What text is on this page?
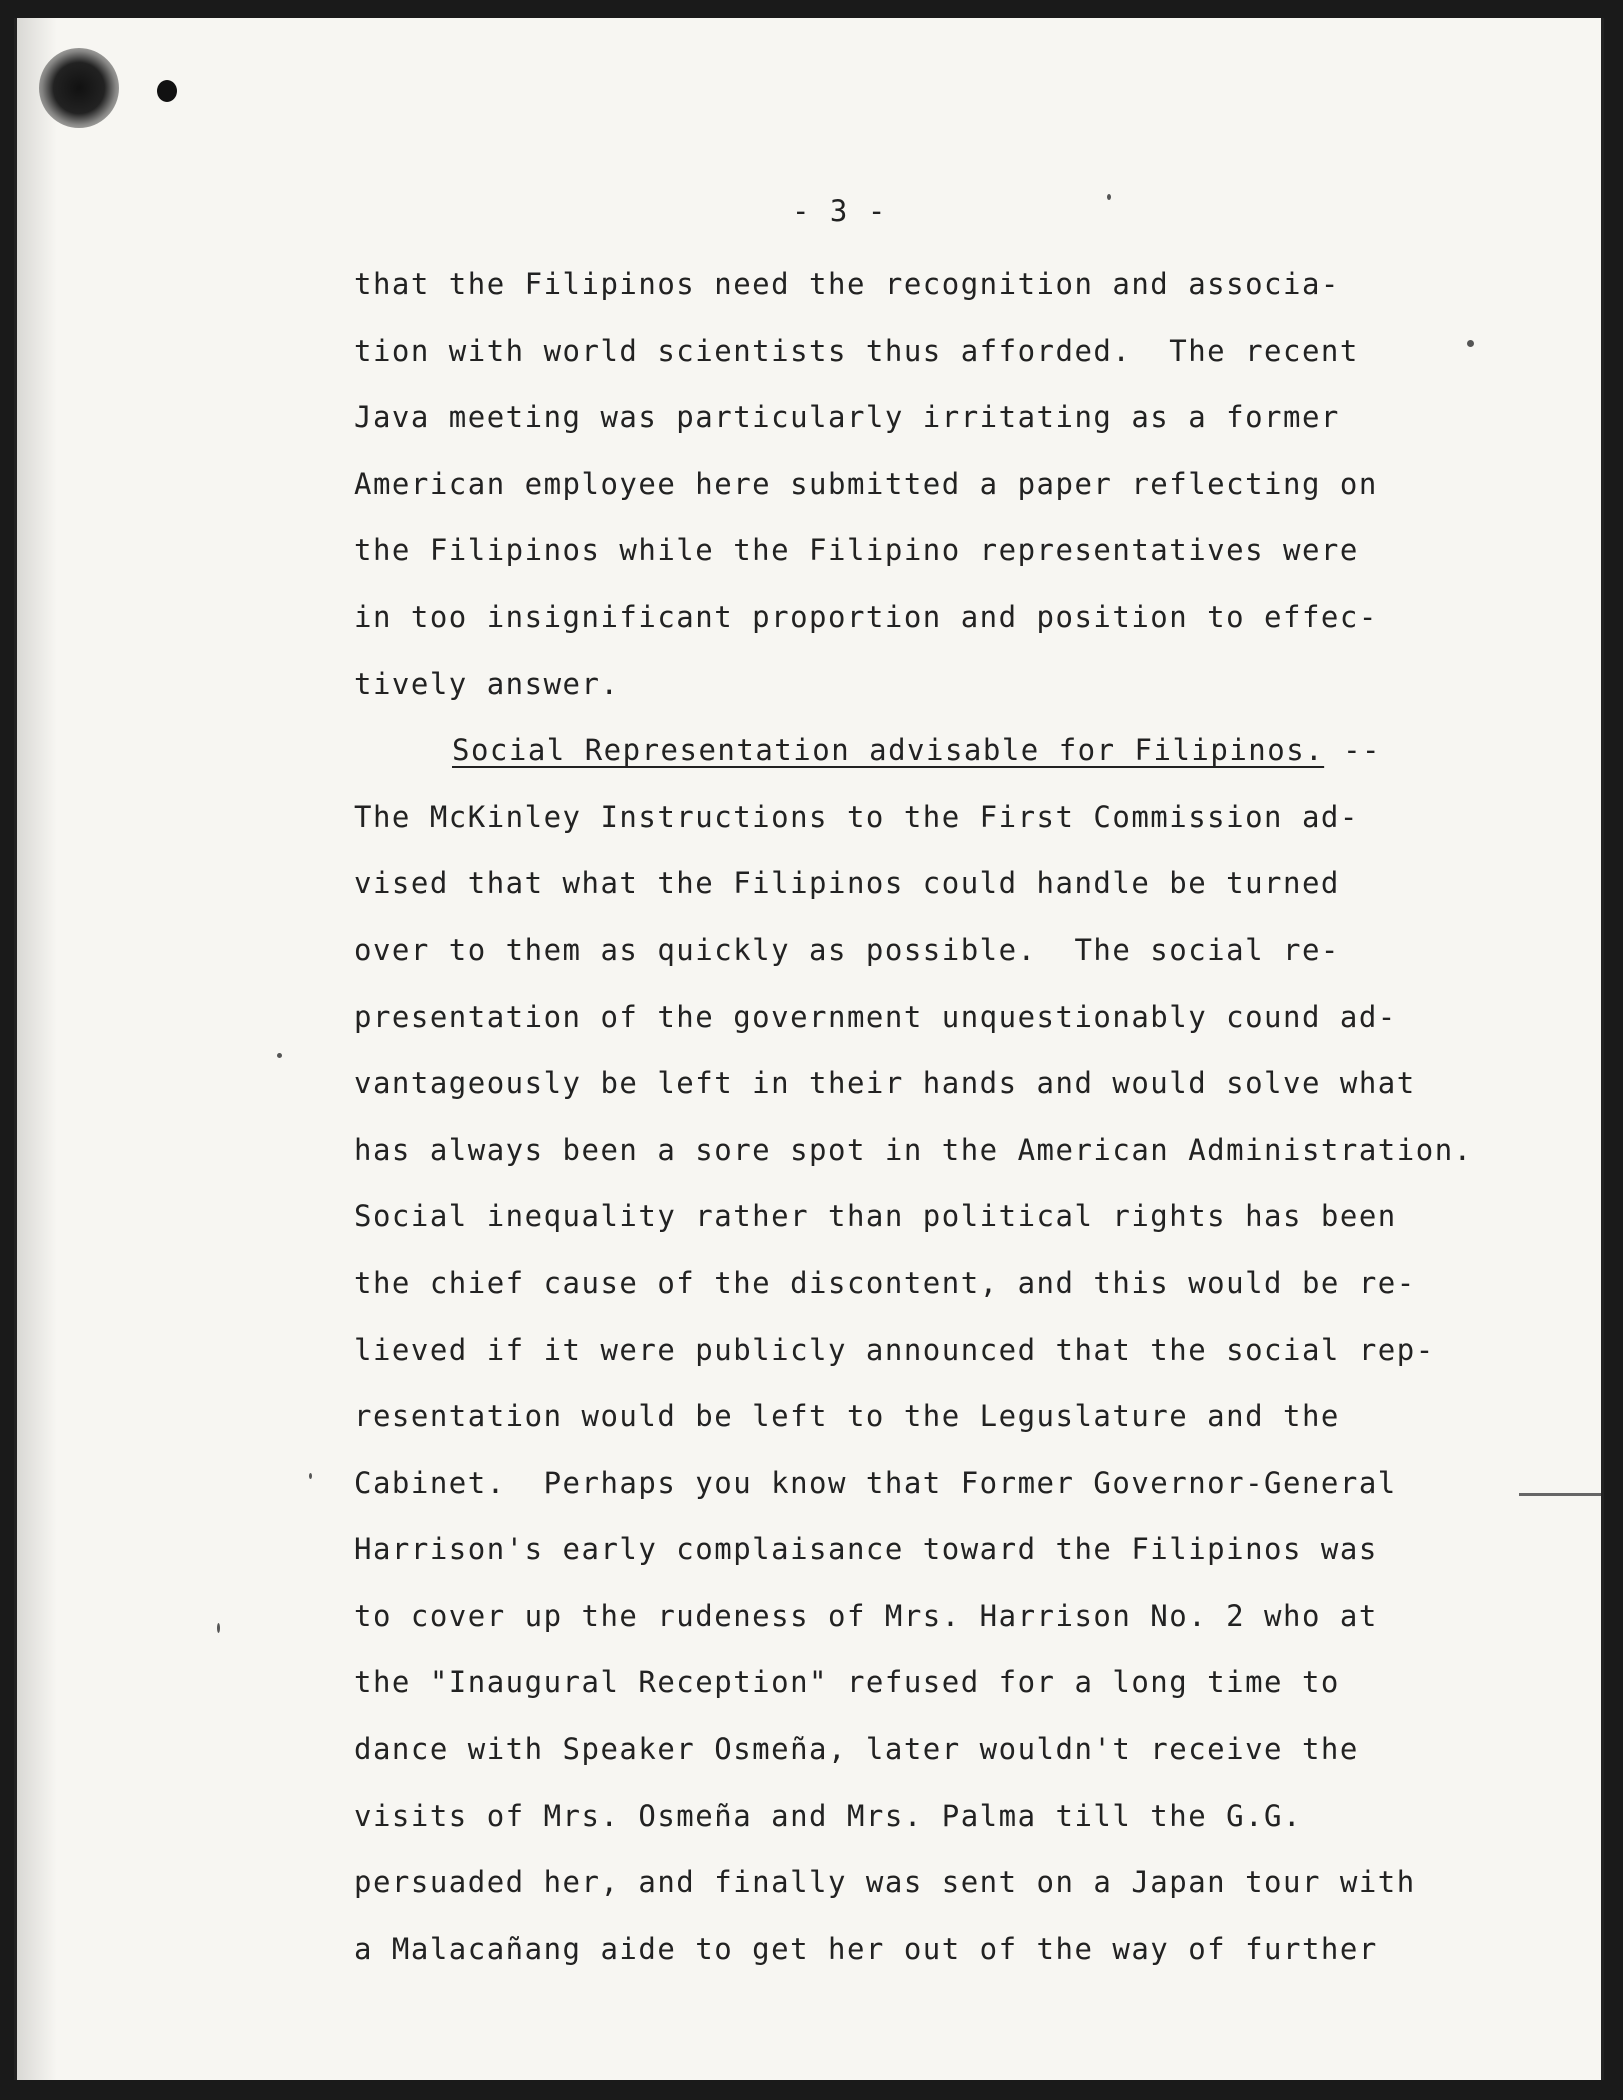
- 3 -
that the Filipinos need the recognition and associa-
tion with world scientists thus afforded.  The recent
Java meeting was particularly irritating as a former
American employee here submitted a paper reflecting on
the Filipinos while the Filipino representatives were
in too insignificant proportion and position to effec-
tively answer.
Social Representation advisable for Filipinos. --
The McKinley Instructions to the First Commission ad-
vised that what the Filipinos could handle be turned
over to them as quickly as possible.  The social re-
presentation of the government unquestionably cound ad-
vantageously be left in their hands and would solve what
has always been a sore spot in the American Administration.
Social inequality rather than political rights has been
the chief cause of the discontent, and this would be re-
lieved if it were publicly announced that the social rep-
resentation would be left to the Leguslature and the
Cabinet.  Perhaps you know that Former Governor-General
Harrison's early complaisance toward the Filipinos was
to cover up the rudeness of Mrs. Harrison No. 2 who at
the "Inaugural Reception" refused for a long time to
dance with Speaker Osmeña, later wouldn't receive the
visits of Mrs. Osmeña and Mrs. Palma till the G.G.
persuaded her, and finally was sent on a Japan tour with
a Malacañang aide to get her out of the way of further
